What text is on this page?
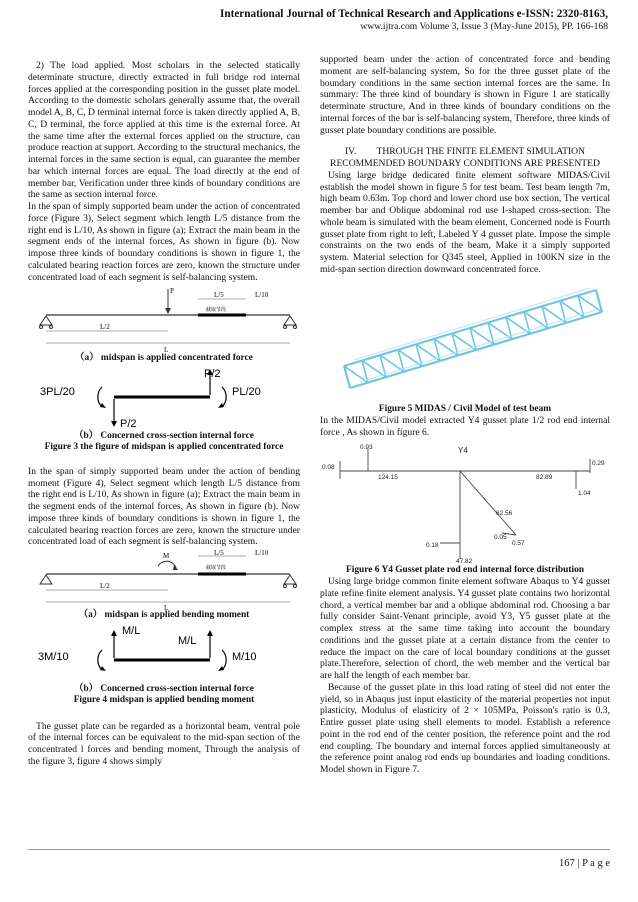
International Journal of Technical Research and Applications e-ISSN: 2320-8163,
www.ijtra.com Volume 3, Issue 3 (May-June 2015), PP. 166-168

2) The load applied. Most scholars in the selected statically determinate structure, directly extracted in full bridge rod internal forces applied at the corresponding position in the gusset plate model. According to the domestic scholars generally assume that, the overall model A, B, C, D terminal internal force is taken directly applied A, B, C, D terminal, the force applied at this time is the external force. At the same time after the external forces applied on the structure, can produce reaction at support. According to the structural mechanics, the internal forces in the same section is equal, can guarantee the member bar which internal forces are equal. The load directly at the end of member bar, Verification under three kinds of boundary conditions are the same as section internal force.

In the span of simply supported beam under the action of concentrated force (Figure 3), Select segment which length L/5 distance from the right end is L/10, As shown in figure (a); Extract the main beam in the segment ends of the internal forces, As shown in figure (b). Now impose three kinds of boundary conditions is shown in figure 1, the calculated bearing reaction forces are zero, known the structure under concentrated load of each segment is self-balancing system.

P	L/5	L/10
截取节段
L/2
L
（a） midspan is applied concentrated force
3PL/20
P/2
PL/20
P/2
（b） Concerned cross-section internal force
Figure 3 the figure of midspan is applied concentrated force

In the span of simply supported beam under the action of bending moment (Figure 4), Select segment which length L/5 distance from the right end is L/10, As shown in figure (a); Extract the main beam in the segment ends of the internal forces, As shown in figure (b). Now impose three kinds of boundary conditions is shown in figure 1, the calculated bearing reaction forces are zero, known the structure under concentrated load of each segment is self-balancing system.

M	L/5	L/10
截取节段
L/2
L
（a） midspan is applied bending moment
3M/10
M/L
M/L
M/10
（b） Concerned cross-section internal force
Figure 4 midspan is applied bending moment

The gusset plate can be regarded as a horizontal beam, ventral pole of the internal forces can be equivalent to the mid-span section of the concentrated l forces and bending moment, Through the analysis of the figure 3, figure 4 shows simply

supported beam under the action of concentrated force and bending moment are self-balancing system, So for the three gusset plate of the boundary conditions in the same section internal forces are the same. In summary: The three kind of boundary is shown in Figure 1 are statically determinate structure, And in three kinds of boundary conditions on the internal forces of the bar is self-balancing system, Therefore, three kinds of gusset plate boundary conditions are possible.

IV. THROUGH THE FINITE ELEMENT SIMULATION RECOMMENDED BOUNDARY CONDITIONS ARE PRESENTED

Using large bridge dedicated finite element software MIDAS/Civil establish the model shown in figure 5 for test beam. Test beam length 7m, high beam 0.63m. Top chord and lower chord use box section, The vertical member bar and Oblique abdominal rod use I-shaped cross-section. The whole beam is simulated with the beam element, Concerned node is Fourth gusset plate from right to left, Labeled Y 4 gusset plate. Impose the simple constraints on the two ends of the beam, Make it a simply supported system. Material selection for Q345 steel, Applied in 100KN size in the mid-span section direction downward concentrated force.

Figure 5 MIDAS / Civil Model of test beam

In the MIDAS/Civil model extracted Y4 gusset plate 1/2 rod end internal force , As shown in figure 6.

Y4
0.93
0.08
124.15	82.89
0.29
1.04
62.56
0.57
0.05
0.18
47.82
Figure 6 Y4 Gusset plate rod end internal force distribution

Using large bridge common finite element software Abaqus to Y4 gusset plate refine finite element analysis. Y4 gusset plate contains two horizontal chord, a vertical member bar and a oblique abdominal rod. Choosing a bar fully consider Saint-Venant principle, avoid Y3, Y5 gusset plate at the complex stress at the same time taking into account the boundary conditions and the gusset plate at a certain distance from the center to reduce the impact on the care of local boundary conditions at the gusset plate.Therefore, selection of chord, the web member and the vertical bar are half the length of each member bar.

Because of the gusset plate in this load rating of steel did not enter the yield, so in Abaqus just input elasticity of the material properties not input plasticity, Modulus of elasticity of 2 × 105MPa, Poisson's ratio is 0.3, Entire gusset plate using shell elements to model. Establish a reference point in the rod end of the center position, the reference point and the rod end coupling. The boundary and internal forces applied simultaneously at the reference point analog rod ends up boundaries and loading conditions. Model shown in Figure 7.

167 | P a g e
